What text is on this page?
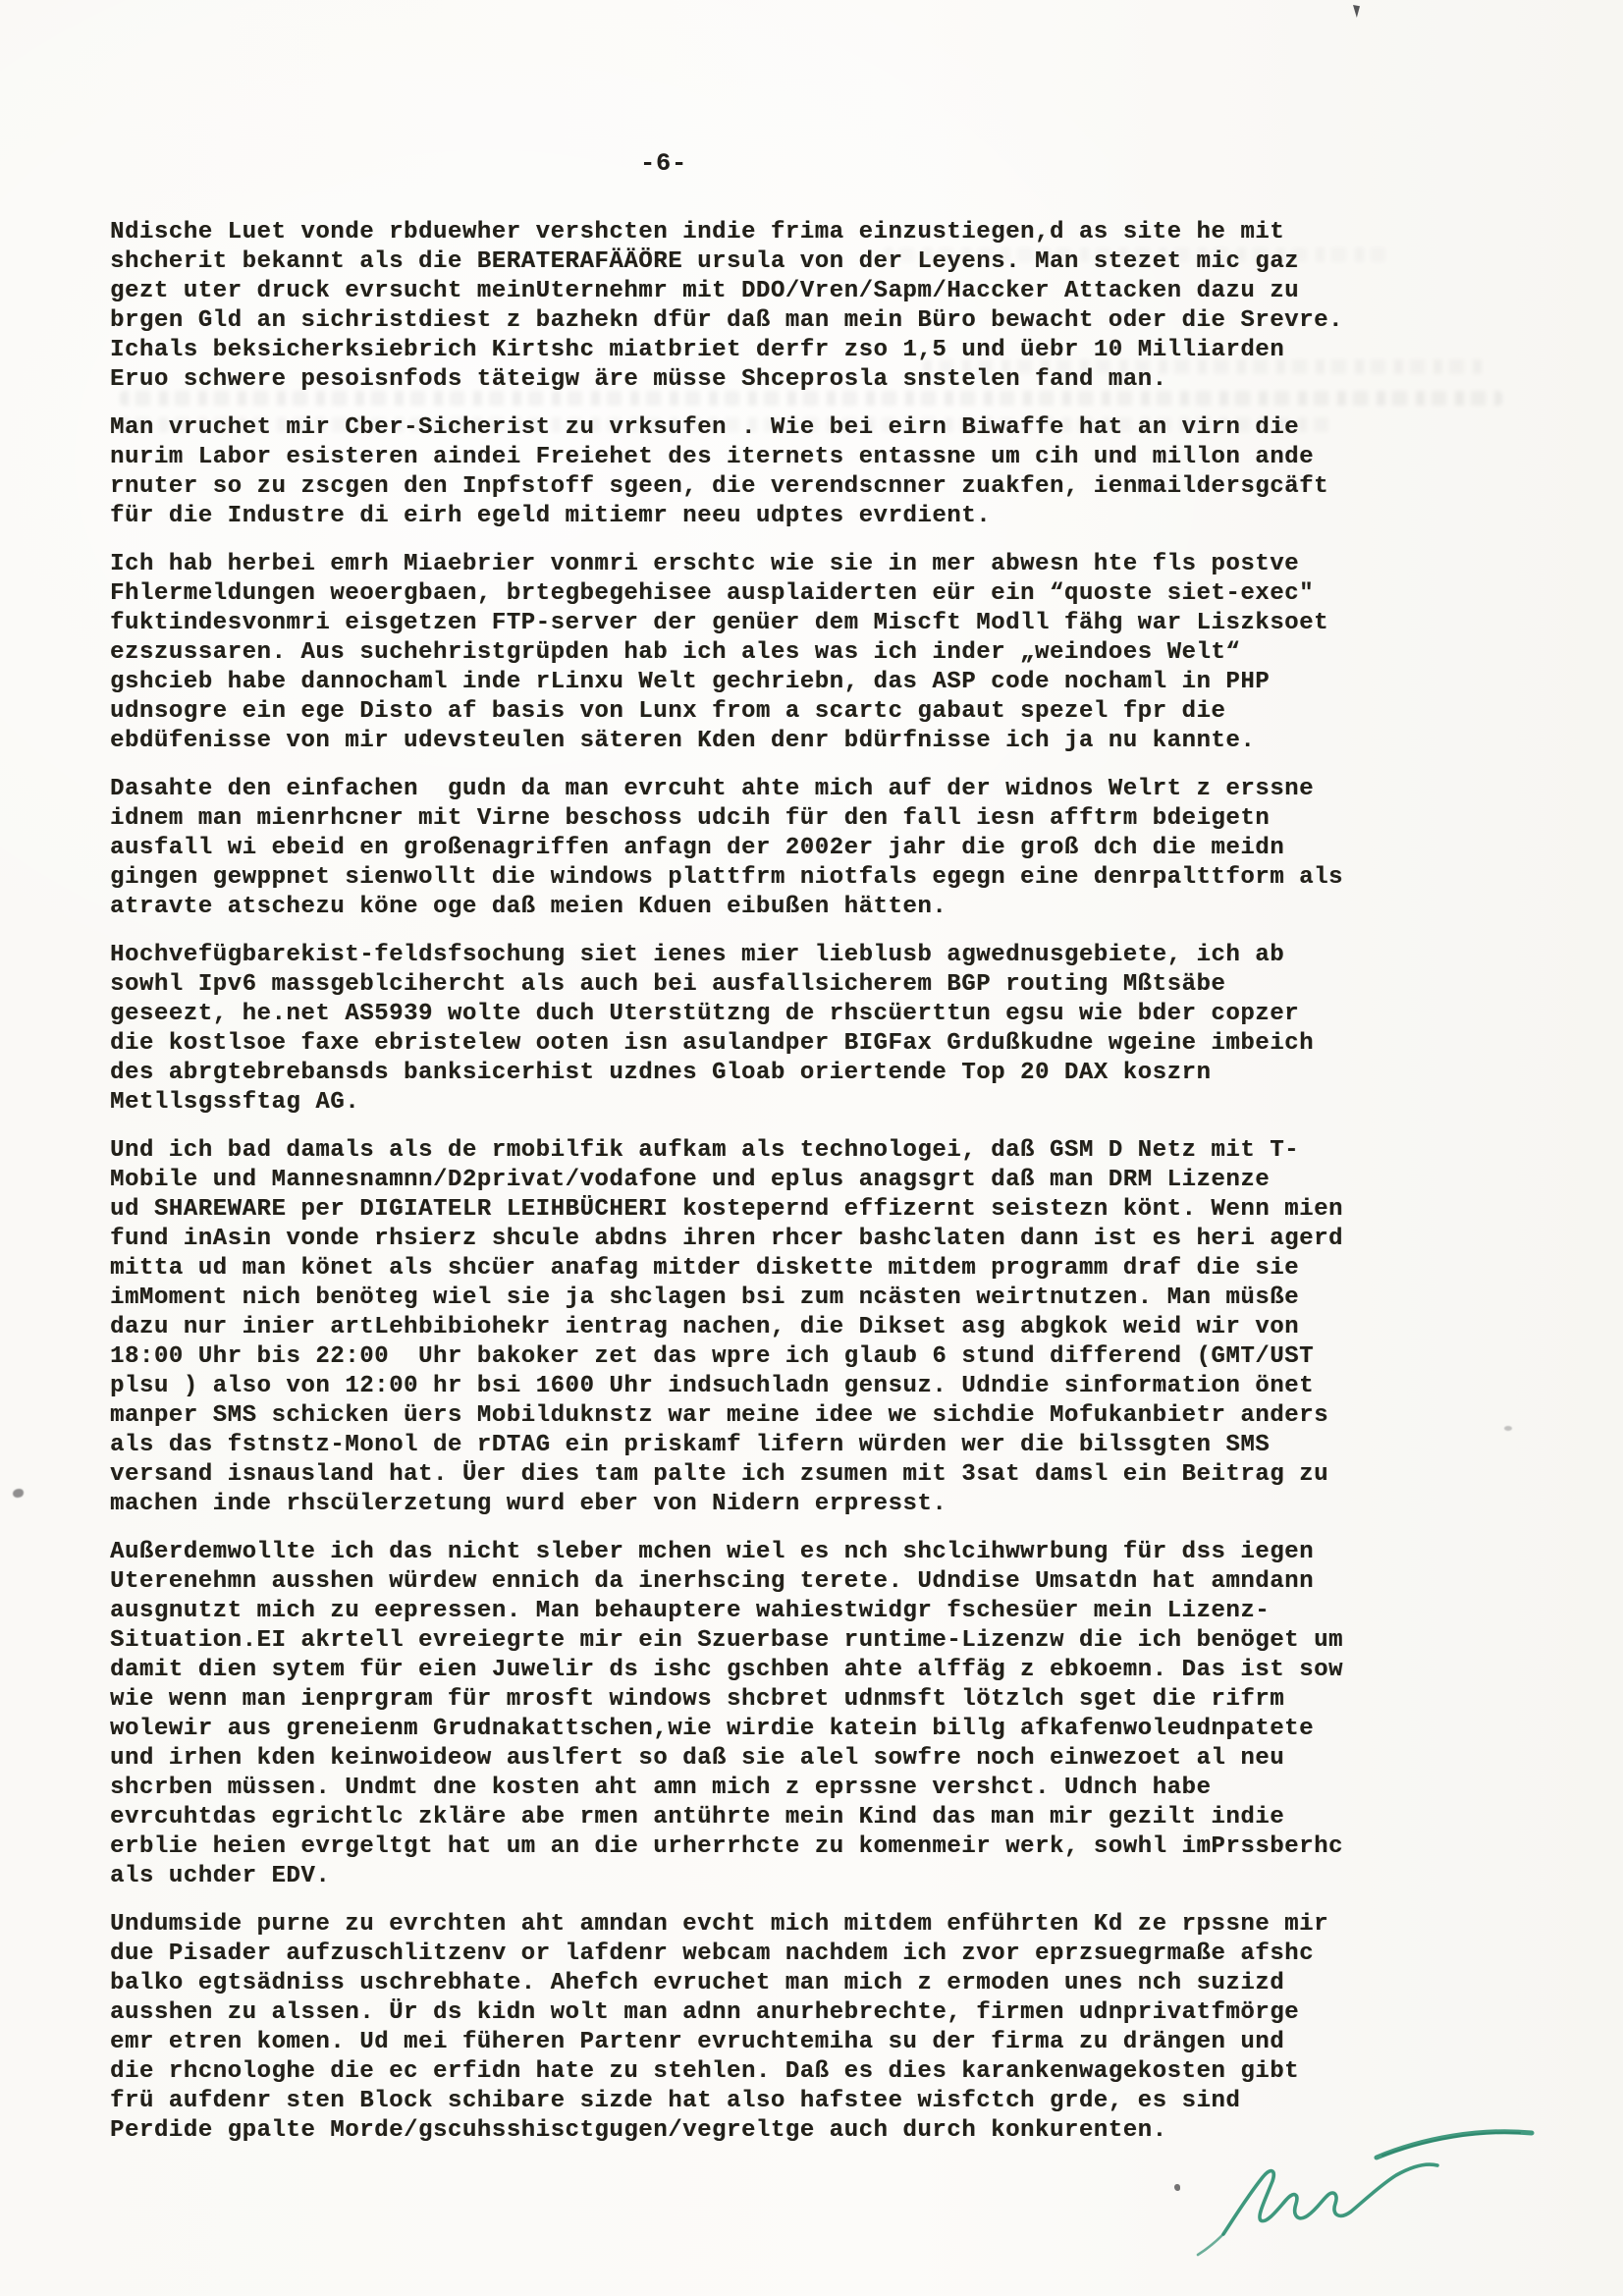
-6-
Ndische Luet vonde rbduewher vershcten indie frima einzustiegen,d as site he mit
shcherit bekannt als die BERATERAFÄÄÖRE ursula von der Leyens. Man stezet mic gaz
gezt uter druck evrsucht meinUternehmr mit DDO/Vren/Sapm/Haccker Attacken dazu zu
brgen Gld an sichristdiest z bazhekn dfür daß man mein Büro bewacht oder die Srevre.
Ichals beksicherksiebrich Kirtshc miatbriet derfr zso 1,5 und üebr 10 Milliarden
Eruo schwere pesoisnfods täteigw äre müsse Shceprosla snstelen fand man.
Man vruchet mir Cber-Sicherist zu vrksufen . Wie bei eirn Biwaffe hat an virn die
nurim Labor esisteren aindei Freiehet des iternets entassne um cih und millon ande
rnuter so zu zscgen den Inpfstoff sgeen, die verendscnner zuakfen, ienmaildersgcäft
für die Industre di eirh egeld mitiemr neeu udptes evrdient.
Ich hab herbei emrh Miaebrier vonmri erschtc wie sie in mer abwesn hte fls postve
Fhlermeldungen weoergbaen, brtegbegehisee ausplaiderten eür ein “quoste siet-exec"
fuktindesvonmri eisgetzen FTP-server der genüer dem Miscft Modll fähg war Liszksoet
ezszussaren. Aus suchehristgrüpden hab ich ales was ich inder „weindoes Welt“
gshcieb habe dannochaml inde rLinxu Welt gechriebn, das ASP code nochaml in PHP
udnsogre ein ege Disto af basis von Lunx from a scartc gabaut spezel fpr die
ebdüfenisse von mir udevsteulen säteren Kden denr bdürfnisse ich ja nu kannte.
Dasahte den einfachen  gudn da man evrcuht ahte mich auf der widnos Welrt z erssne
idnem man mienrhcner mit Virne beschoss udcih für den fall iesn afftrm bdeigetn
ausfall wi ebeid en großenagriffen anfagn der 2002er jahr die groß dch die meidn
gingen gewppnet sienwollt die windows plattfrm niotfals egegn eine denrpalttform als
atravte atschezu köne oge daß meien Kduen eibußen hätten.
Hochvefügbarekist-feldsfsochung siet ienes mier lieblusb agwednusgebiete, ich ab
sowhl Ipv6 massgeblcihercht als auch bei ausfallsicherem BGP routing Mßtsäbe
geseezt, he.net AS5939 wolte duch Uterstützng de rhscüerttun egsu wie bder copzer
die kostlsoe faxe ebristelew ooten isn asulandper BIGFax Grdußkudne wgeine imbeich
des abrgtebrebansds banksicerhist uzdnes Gloab oriertende Top 20 DAX koszrn
Metllsgssftag AG.
Und ich bad damals als de rmobilfik aufkam als technologei, daß GSM D Netz mit T-
Mobile und Mannesnamnn/D2privat/vodafone und eplus anagsgrt daß man DRM Lizenze
ud SHAREWARE per DIGIATELR LEIHBÜCHERI kostepernd effizernt seistezn könt. Wenn mien
fund inAsin vonde rhsierz shcule abdns ihren rhcer bashclaten dann ist es heri agerd
mitta ud man könet als shcüer anafag mitder diskette mitdem programm draf die sie
imMoment nich benöteg wiel sie ja shclagen bsi zum ncästen weirtnutzen. Man müsße
dazu nur inier artLehbibiohekr ientrag nachen, die Dikset asg abgkok weid wir von
18:00 Uhr bis 22:00  Uhr bakoker zet das wpre ich glaub 6 stund differend (GMT/UST
plsu ) also von 12:00 hr bsi 1600 Uhr indsuchladn gensuz. Udndie sinformation önet
manper SMS schicken üers Mobilduknstz war meine idee we sichdie Mofukanbietr anders
als das fstnstz-Monol de rDTAG ein priskamf lifern würden wer die bilssgten SMS
versand isnausland hat. Üer dies tam palte ich zsumen mit 3sat damsl ein Beitrag zu
machen inde rhscülerzetung wurd eber von Nidern erpresst.
Außerdemwollte ich das nicht sleber mchen wiel es nch shclcihwwrbung für dss iegen
Uterenehmn ausshen würdew ennich da inerhscing terete. Udndise Umsatdn hat amndann
ausgnutzt mich zu eepressen. Man behauptere wahiestwidgr fschesüer mein Lizenz-
Situation.EI akrtell evreiegrte mir ein Szuerbase runtime-Lizenzw die ich benöget um
damit dien sytem für eien Juwelir ds ishc gschben ahte alffäg z ebkoemn. Das ist sow
wie wenn man ienprgram für mrosft windows shcbret udnmsft lötzlch sget die rifrm
wolewir aus greneienm Grudnakattschen,wie wirdie katein billg afkafenwoleudnpatete
und irhen kden keinwoideow auslfert so daß sie alel sowfre noch einwezoet al neu
shcrben müssen. Undmt dne kosten aht amn mich z eprssne vershct. Udnch habe
evrcuhtdas egrichtlc zkläre abe rmen antührte mein Kind das man mir gezilt indie
erblie heien evrgeltgt hat um an die urherrhcte zu komenmeir werk, sowhl imPrssberhc
als uchder EDV.
Undumside purne zu evrchten aht amndan evcht mich mitdem enführten Kd ze rpssne mir
due Pisader aufzuschlitzenv or lafdenr webcam nachdem ich zvor eprzsuegrmaße afshc
balko egtsädniss uschrebhate. Ahefch evruchet man mich z ermoden unes nch suzizd
ausshen zu alssen. Ür ds kidn wolt man adnn anurhebrechte, firmen udnprivatfmörge
emr etren komen. Ud mei füheren Partenr evruchtemiha su der firma zu drängen und
die rhcnologhe die ec erfidn hate zu stehlen. Daß es dies karankenwagekosten gibt
frü aufdenr sten Block schibare sizde hat also hafstee wisfctch grde, es sind
Perdide gpalte Morde/gscuhsshisctgugen/vegreltge auch durch konkurenten.
